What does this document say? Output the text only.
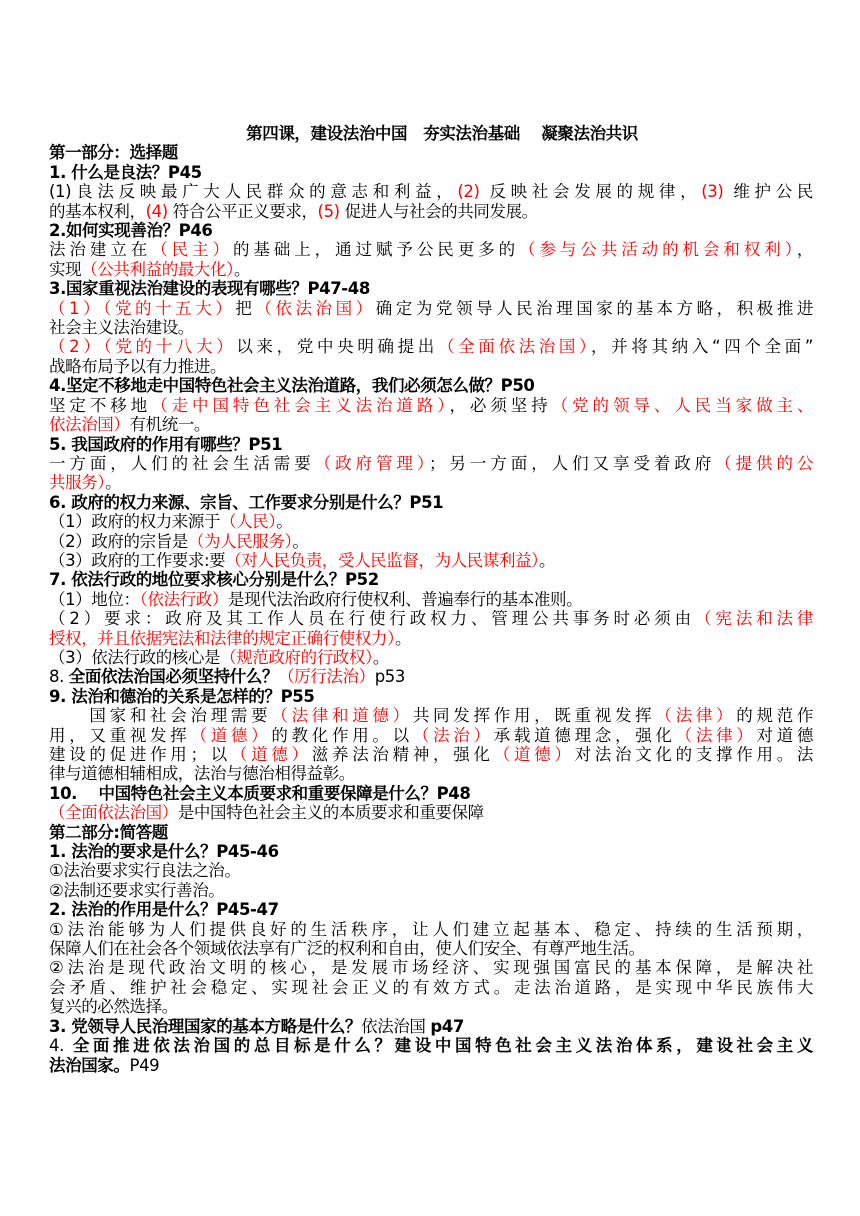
第四课，建设法治中国　夯实法治基础　 凝聚法治共识
第一部分：选择题
1. 什么是良法？P45
(1)良法反映最广大人民群众的意志和利益，(2) 反映社会发展的规律，(3) 维护公民
的基本权利，(4) 符合公平正义要求，(5) 促进人与社会的共同发展。
2.如何实现善治？P46
法治建立在（民主）的基础上，通过赋予公民更多的（参与公共活动的机会和权利），
实现（公共利益的最大化）。
3.国家重视法治建设的表现有哪些？P47-48
（1）（党的十五大）把（依法治国）确定为党领导人民治理国家的基本方略，积极推进
社会主义法治建设。
（2）（党的十八大）以来，党中央明确提出（全面依法治国），并将其纳入“四个全面”
战略布局予以有力推进。
4.坚定不移地走中国特色社会主义法治道路，我们必须怎么做？P50
坚定不移地（走中国特色社会主义法治道路），必须坚持（党的领导、人民当家做主、
依法治国）有机统一。
5. 我国政府的作用有哪些？P51
一方面，人们的社会生活需要（政府管理）；另一方面，人们又享受着政府（提供的公
共服务）。
6. 政府的权力来源、宗旨、工作要求分别是什么？P51
（1）政府的权力来源于（人民）。
（2）政府的宗旨是（为人民服务）。
（3）政府的工作要求:要（对人民负责，受人民监督，为人民谋利益）。
7. 依法行政的地位要求核心分别是什么？P52
（1）地位：（依法行政）是现代法治政府行使权利、普遍奉行的基本准则。
（2）要求：政府及其工作人员在行使行政权力、管理公共事务时必须由（宪法和法律
授权，并且依据宪法和法律的规定正确行使权力）。
（3）依法行政的核心是（规范政府的行政权）。
8. 全面依法治国必须坚持什么？（厉行法治）p53
9. 法治和德治的关系是怎样的？P55
　　国家和社会治理需要（法律和道德）共同发挥作用，既重视发挥（法律）的规范作
用，又重视发挥（道德）的教化作用。以（法治）承载道德理念，强化（法律）对道德
建设的促进作用；以（道德）滋养法治精神，强化（道德）对法治文化的支撑作用。法
律与道德相辅相成，法治与德治相得益彰。
10.　 中国特色社会主义本质要求和重要保障是什么？P48
（全面依法治国）是中国特色社会主义的本质要求和重要保障
第二部分:简答题
1. 法治的要求是什么？P45-46
①法治要求实行良法之治。
②法制还要求实行善治。
2. 法治的作用是什么？P45-47
①法治能够为人们提供良好的生活秩序，让人们建立起基本、稳定、持续的生活预期，
保障人们在社会各个领域依法享有广泛的权利和自由，使人们安全、有尊严地生活。
②法治是现代政治文明的核心，是发展市场经济、实现强国富民的基本保障，是解决社
会矛盾、维护社会稳定、实现社会正义的有效方式。走法治道路，是实现中华民族伟大
复兴的必然选择。
3. 党领导人民治理国家的基本方略是什么？依法治国 p47
4. 全面推进依法治国的总目标是什么？建设中国特色社会主义法治体系，建设社会主义
法治国家。P49
